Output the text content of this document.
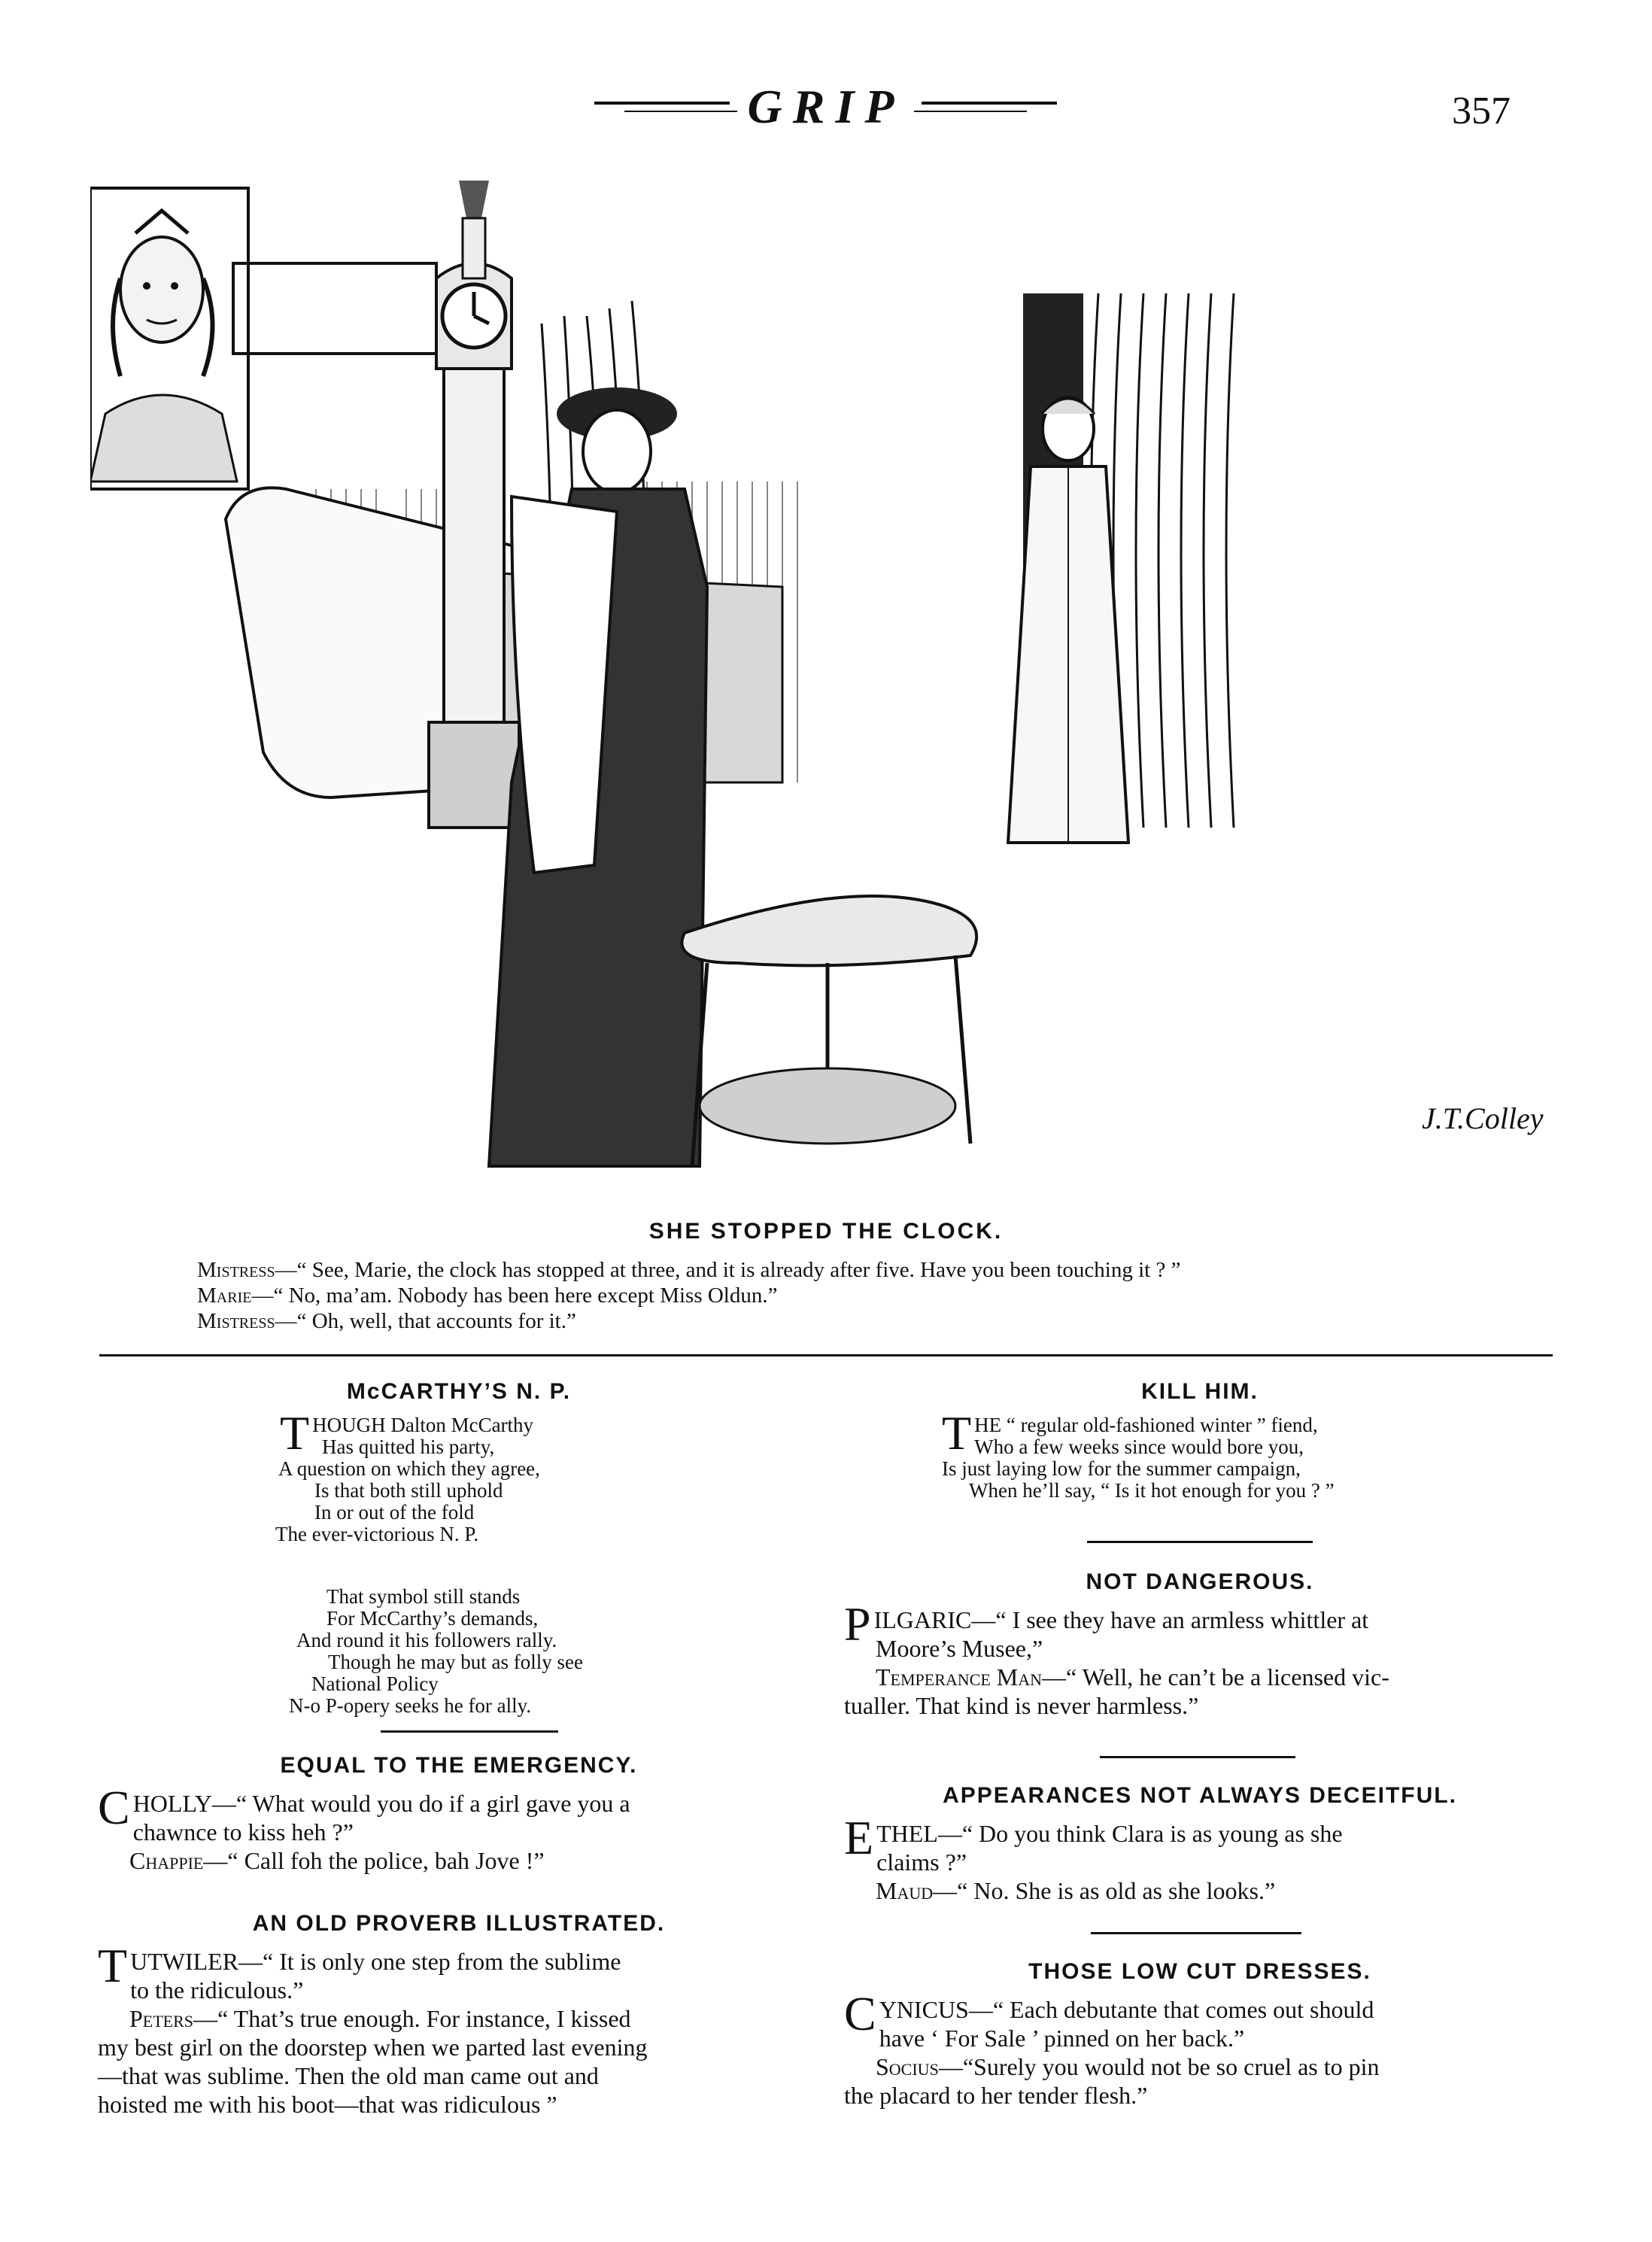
GRIP	357
J.T.Colley
SHE STOPPED THE CLOCK.
Mistress—“ See, Marie, the clock has stopped at three, and it is already after five. Have you been touching it ? ”
Marie—“ No, ma’am. Nobody has been here except Miss Oldun.”
Mistress—“ Oh, well, that accounts for it.”
McCARTHY’S N. P.
THOUGH Dalton McCarthy
Has quitted his party,
A question on which they agree,
Is that both still uphold
In or out of the fold
The ever-victorious N. P.
That symbol still stands
For McCarthy’s demands,
And round it his followers rally.
Though he may but as folly see
National Policy
N-o P-opery seeks he for ally.
EQUAL TO THE EMERGENCY.
CHOLLY—“ What would you do if a girl gave you a
chawnce to kiss heh ?”
Chappie—“ Call foh the police, bah Jove !”
AN OLD PROVERB ILLUSTRATED.
TUTWILER—“ It is only one step from the sublime
to the ridiculous.”
Peters—“ That’s true enough. For instance, I kissed
my best girl on the doorstep when we parted last evening
—that was sublime. Then the old man came out and
hoisted me with his boot—that was ridiculous ”
KILL HIM.
THE “ regular old-fashioned winter ” fiend,
Who a few weeks since would bore you,
Is just laying low for the summer campaign,
When he’ll say, “ Is it hot enough for you ? ”
NOT DANGEROUS.
PILGARIC—“ I see they have an armless whittler at
Moore’s Musee,”
Temperance Man—“ Well, he can’t be a licensed vic-
tualler. That kind is never harmless.”
APPEARANCES NOT ALWAYS DECEITFUL.
ETHEL—“ Do you think Clara is as young as she
claims ?”
Maud—“ No. She is as old as she looks.”
THOSE LOW CUT DRESSES.
CYNICUS—“ Each debutante that comes out should
have ‘ For Sale ’ pinned on her back.”
Socius—“Surely you would not be so cruel as to pin
the placard to her tender flesh.”
